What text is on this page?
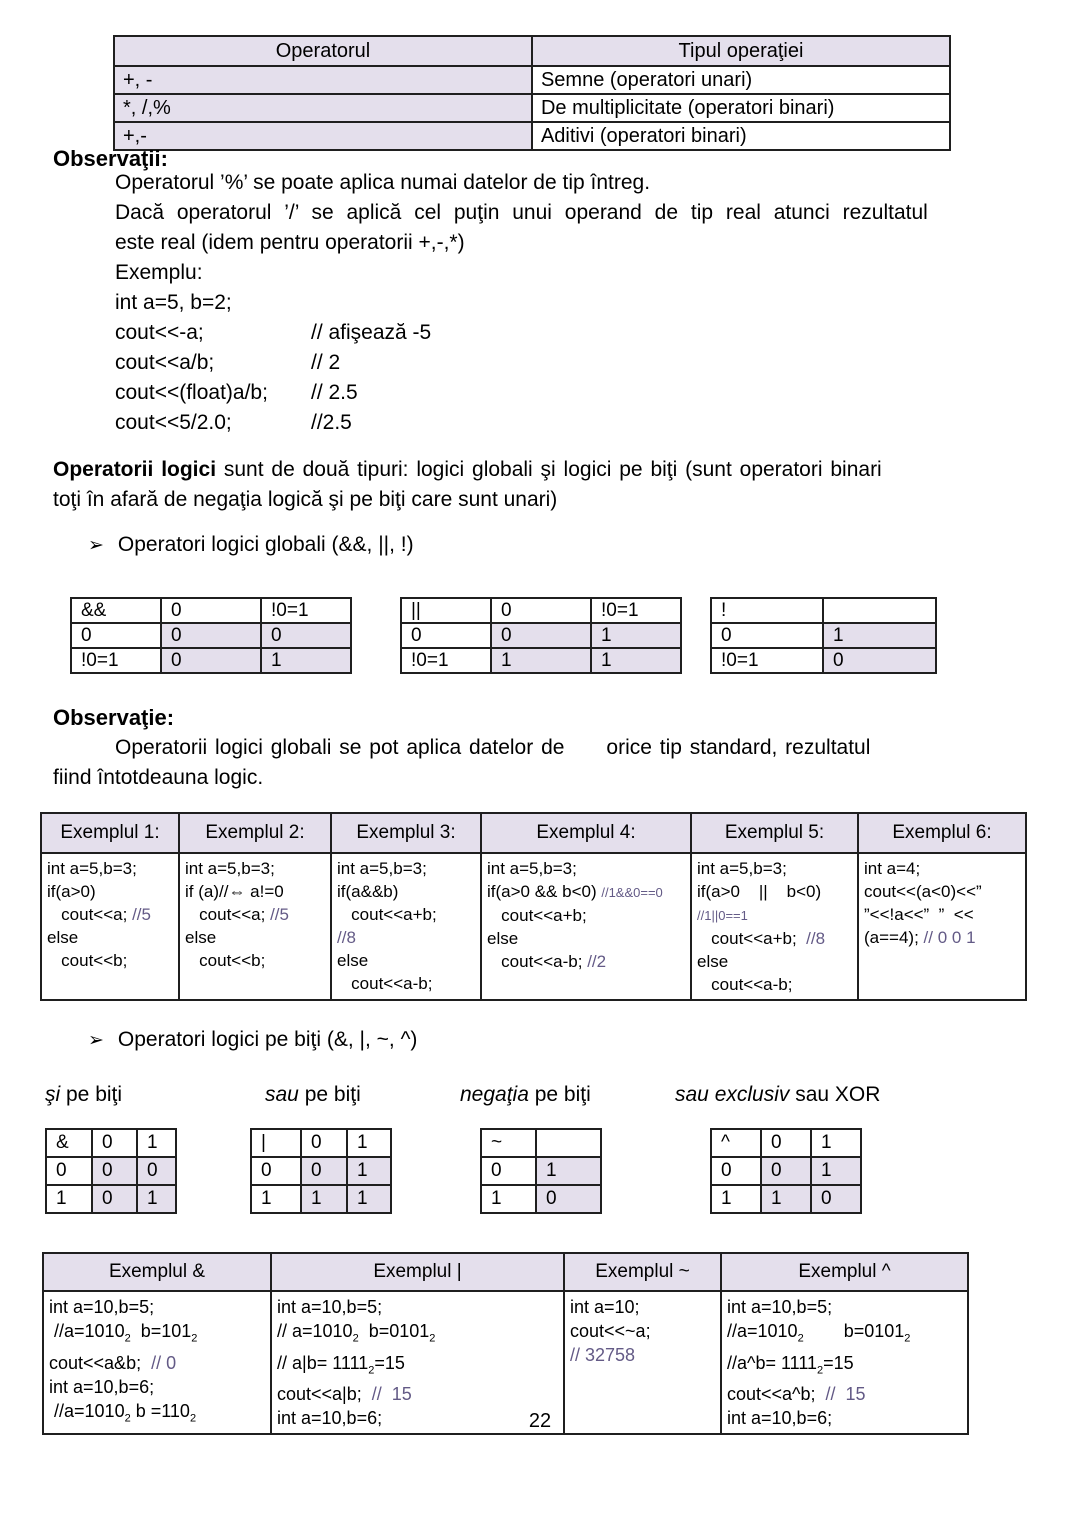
Operatorul	Tipul operaţiei
+, -	Semne (operatori unari)
*, /,%	De multiplicitate (operatori binari)
+,-	Aditivi (operatori binari)
Observaţii:
Operatorul ’%’ se poate aplica numai datelor de tip întreg.
Dacă operatorul ’/’ se aplică cel puţin unui operand de tip real atunci rezultatul
este real (idem pentru operatorii +,-,*)
Exemplu:
int a=5, b=2;
cout<<-a;	// afişează -5
cout<<a/b;	// 2
cout<<(float)a/b;	// 2.5
cout<<5/2.0;	//2.5
Operatorii logici sunt de două tipuri: logici globali şi logici pe biţi (sunt operatori binari
toţi în afară de negaţia logică şi pe biţi care sunt unari)
➢ Operatori logici globali (&&, ||, !)
&&	0	!0=1
0	0	0
!0=1	0	1
||	0	!0=1
0	0	1
!0=1	1	1
!	
0	1
!0=1	0
Observaţie:
Operatorii logici globali se pot aplica datelor de orice tip standard, rezultatul
fiind întotdeauna logic.
Exemplul 1:	Exemplul 2:	Exemplul 3:	Exemplul 4:	Exemplul 5:	Exemplul 6:

int a=5,b=3;
if(a>0)
cout<<a; //5
else
cout<<b;

int a=5,b=3;
if (a)//⇔ a!=0
cout<<a; //5
else
cout<<b;

int a=5,b=3;
if(a&&b)
cout<<a+b;
//8
else
cout<<a-b;

int a=5,b=3;
if(a>0 && b<0) //1&&0==0
cout<<a+b;
else
cout<<a-b; //2

int a=5,b=3;
if(a>0    ||    b<0)
//1||0==1
cout<<a+b;  //8
else
cout<<a-b;

int a=4;
cout<<(a<0)<<”
”<<!a<<”  ”  <<
(a==4); // 0 0 1
➢ Operatori logici pe biţi (&, |, ~, ^)
şi pe biţi	sau pe biţi	negaţia pe biţi	sau exclusiv sau XOR
&	0	1
0	0	0
1	0	1
|	0	1
0	0	1
1	1	1
~	
0	1
1	0
^	0	1
0	0	1
1	1	0
Exemplul &	Exemplul |	Exemplul ~	Exemplul ^

int a=10,b=5;
$//a=1010_2$  $b=101_2$
cout<<a&b;  // 0
int a=10,b=6;
$//a=1010_2$ $b =110_2$

int a=10,b=5;
// $a=1010_2$  $b=0101_2$
// $a|b= 1111_2=15$
cout<<a|b;  //  15
int a=10,b=6;

int a=10;
cout<<~a;
// 32758

int a=10,b=5;
$//a=1010_2$        $b=0101_2$
//a^b= $1111_2=15$
cout<<a^b;  //  15
int a=10,b=6;
22
